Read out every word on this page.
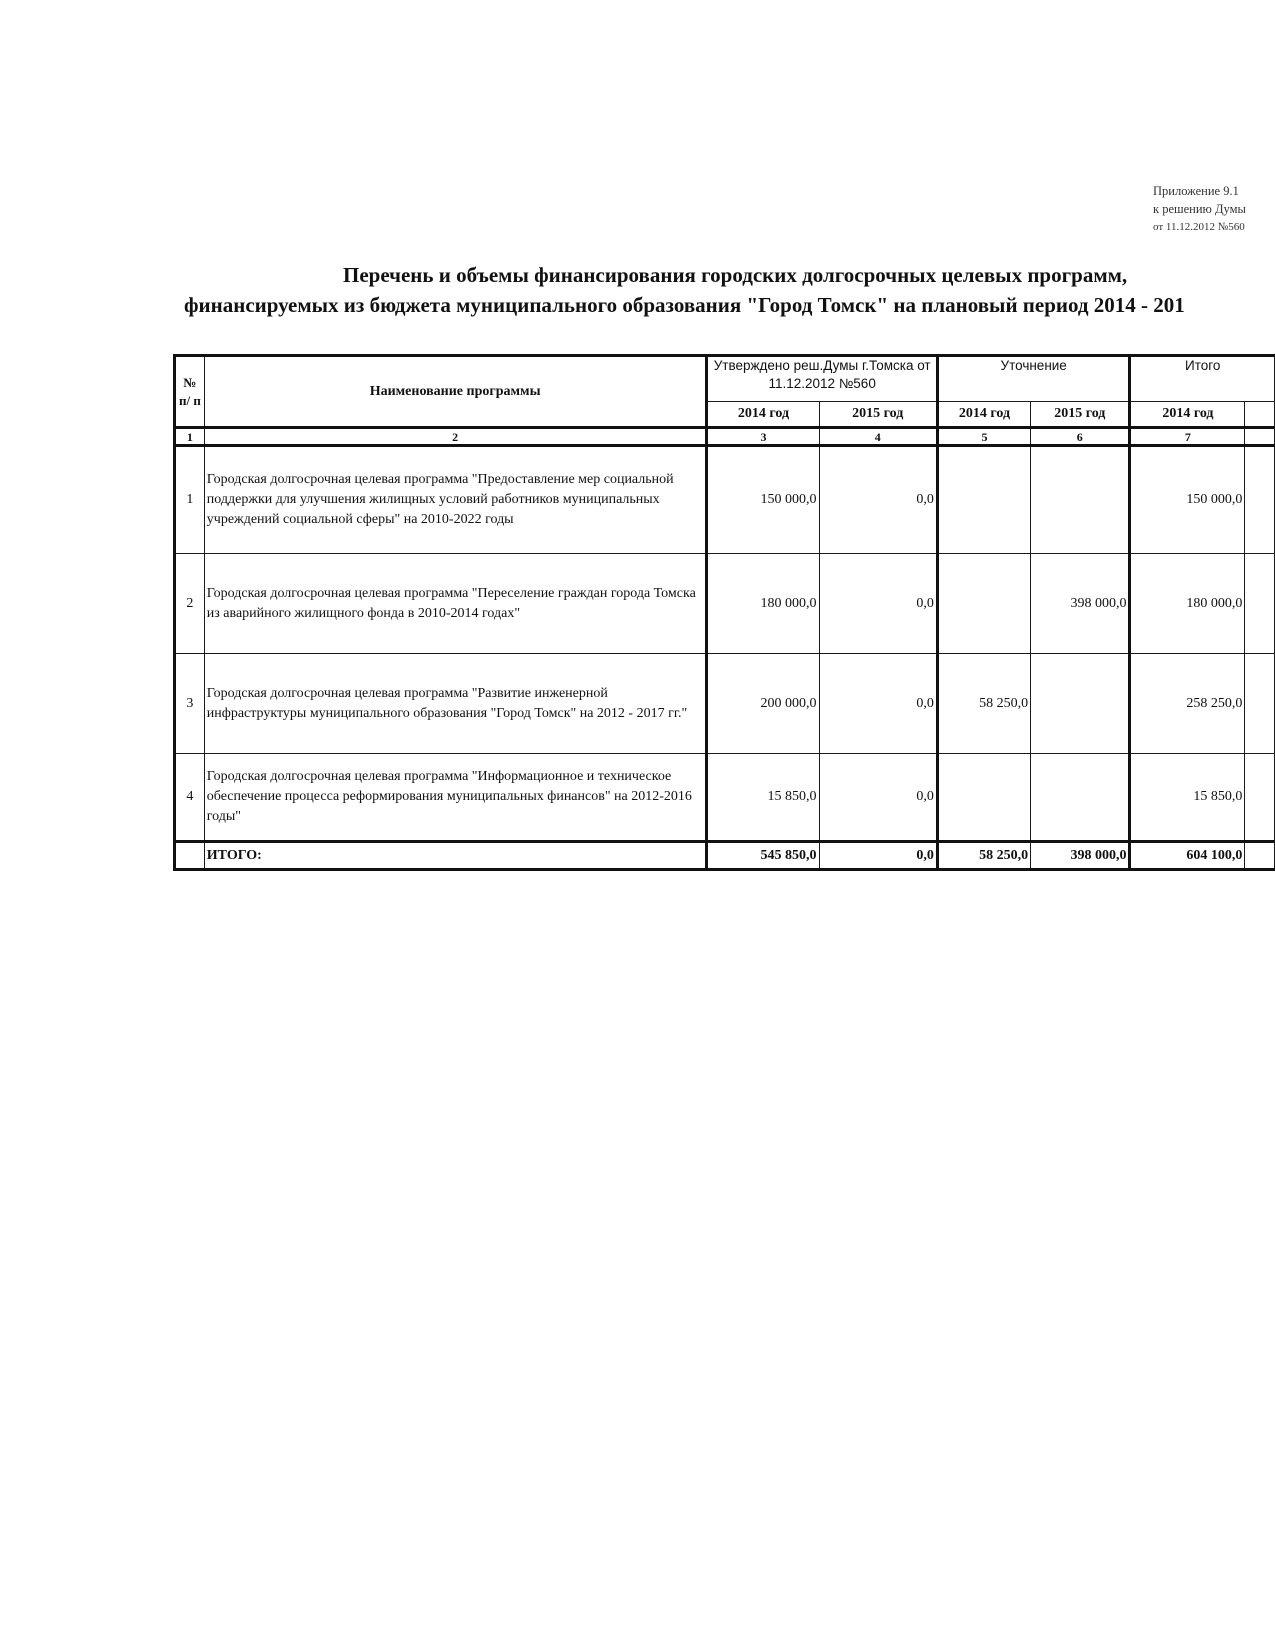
Приложение 9.1
к решению Думы
от 11.12.2012 №560
Перечень и объемы финансирования городских долгосрочных целевых программ,
финансируемых из бюджета муниципального образования "Город Томск" на плановый период 2014 - 201
№ п/ п	Наименование программы	Утверждено реш.Думы г.Томска от 11.12.2012 №560		Уточнение		Итого	
		2014 год	2015 год	2014 год	2015 год	2014 год	
1	2	3	4	5	6	7	
1	Городская долгосрочная целевая программа "Предоставление мер социальной поддержки для улучшения жилищных условий работников муниципальных учреждений социальной сферы" на 2010-2022 годы	150 000,0	0,0			150 000,0	
2	Городская долгосрочная целевая программа "Переселение граждан города Томска из аварийного жилищного фонда в 2010-2014 годах"	180 000,0	0,0		398 000,0	180 000,0	
3	Городская долгосрочная целевая программа "Развитие инженерной инфраструктуры муниципального образования "Город Томск" на 2012 - 2017 гг."	200 000,0	0,0	58 250,0		258 250,0	
4	Городская долгосрочная целевая программа "Информационное и техническое обеспечение процесса реформирования муниципальных финансов" на 2012-2016 годы"	15 850,0	0,0			15 850,0	
	ИТОГО:	545 850,0	0,0	58 250,0	398 000,0	604 100,0	
